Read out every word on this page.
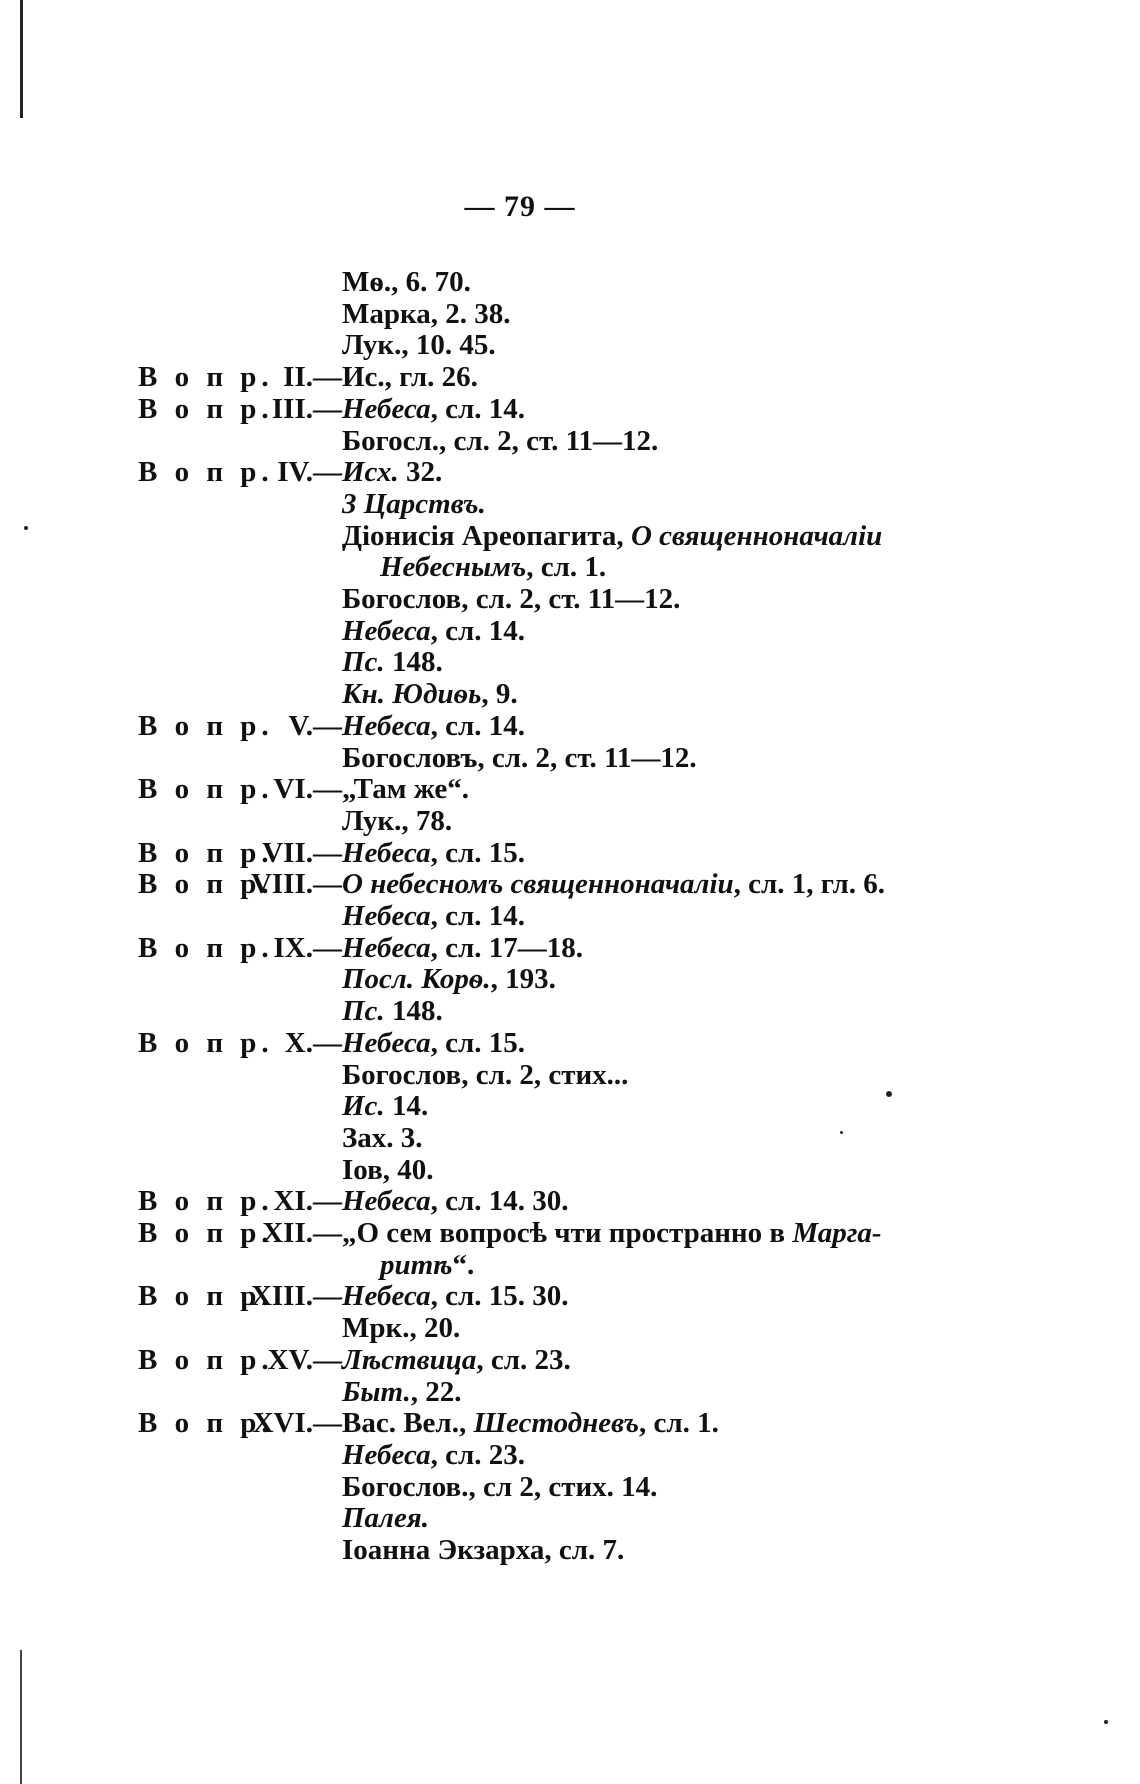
— 79 —
Мѳ., 6. 70.
Марка, 2. 38.
Лук., 10. 45.
В о п р. II.— Ис., гл. 26.
В о п р.
III.— Небеса, сл. 14.
Богосл., сл. 2, ст. 11—12.
В о п р. IV.— Исх. 32.
3 Царствъ.
Діонисія Ареопагита, О священноначаліи
Небеснымъ, сл. 1.
Богослов, сл. 2, ст. 11—12.
Небеса, сл. 14.
Пс. 148.
Кн. Юдиѳь, 9.
В о п р. V.— Небеса, сл. 14.
Богословъ, сл. 2, ст. 11—12.
В о п р. VI.— „Там же“.
Лук., 78.
В о п р.
VII.— Небеса, сл. 15.
В о п р.
VIII.— О небесномъ священноначаліи, сл. 1, гл. 6.
Небеса, сл. 14.
В о п р. IX.— Небеса, сл. 17—18.
Посл. Корѳ., 193.
Пс. 148.
В о п р. X.— Небеса, сл. 15.
Богослов, сл. 2, стих...
Ис. 14.
Зах. 3.
Іов, 40.
В о п р. XI.— Небеса, сл. 14. 30.
В о п р.
XII.— „О сем вопросѣ чти пространно в Марга-
ритѣ“.
В о п р.
XIII.— Небеса, сл. 15. 30.
Мрк., 20.
В о п р.
XV.— Лѣствица, сл. 23.
Быт., 22.
В о п р.
XVI.— Вас. Вел., Шестодневъ, сл. 1.
Небеса, сл. 23.
Богослов., сл 2, стих. 14.
Палея.
Іоанна Экзарха, сл. 7.
